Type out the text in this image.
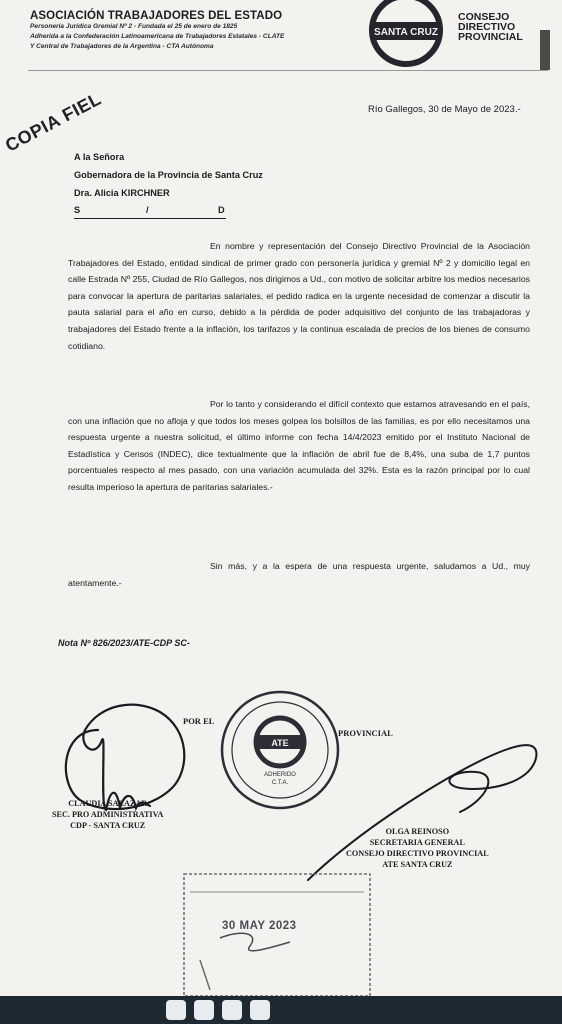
ASOCIACIÓN TRABAJADORES DEL ESTADO
Personería Jurídica Gremial Nº 2 - Fundada el 25 de enero de 1825
Adherida a la Confederación Latinoamericana de Trabajadores Estatales - CLATE
Y Central de Trabajadores de la Argentina - CTA Autónoma
SANTA CRUZ
CONSEJO
DIRECTIVO
PROVINCIAL
Río Gallegos, 30 de Mayo de 2023.-
COPIA FIEL
A la Señora
Gobernadora de la Provincia de Santa Cruz
Dra. Alicia KIRCHNER
S	/	D
En nombre y representación del Consejo Directivo Provincial de la Asociación Trabajadores del Estado, entidad sindical de primer grado con personería jurídica y gremial Nº 2 y domicilio legal en calle Estrada Nº 255, Ciudad de Río Gallegos, nos dirigimos a Ud., con motivo de solicitar arbitre los medios necesarios para convocar la apertura de paritarias salariales, el pedido radica en la urgente necesidad de comenzar a discutir la pauta salarial para el año en curso, debido a la pérdida de poder adquisitivo del conjunto de las trabajadoras y trabajadores del Estado frente a la inflación, los tarifazos y la continua escalada de precios de los bienes de consumo cotidiano.
Por lo tanto y considerando el difícil contexto que estamos atravesando en el país, con una inflación que no afloja y que todos los meses golpea los bolsillos de las familias, es por ello necesitamos una respuesta urgente a nuestra solicitud, el último informe con fecha 14/4/2023 emitido por el Instituto Nacional de Estadística y Censos (INDEC), dice textualmente que la inflación de abril fue de 8,4%, una suba de 1,7 puntos porcentuales respecto al mes pasado, con una variación acumulada del 32%. Esta es la razón principal por lo cual resulta imperioso la apertura de paritarias salariales.-
Sin más, y a la espera de una respuesta urgente, saludamos a Ud., muy atentamente.-
Nota Nº 826/2023/ATE-CDP SC-
CLAUDIA SALAZAR
SEC. PRO ADMINISTRATIVA
CDP - SANTA CRUZ
POR EL
ATE
ADHERIDO
C.T.A.
PROVINCIAL
OLGA REINOSO
SECRETARIA GENERAL
CONSEJO DIRECTIVO PROVINCIAL
ATE SANTA CRUZ
30 MAY 2023
